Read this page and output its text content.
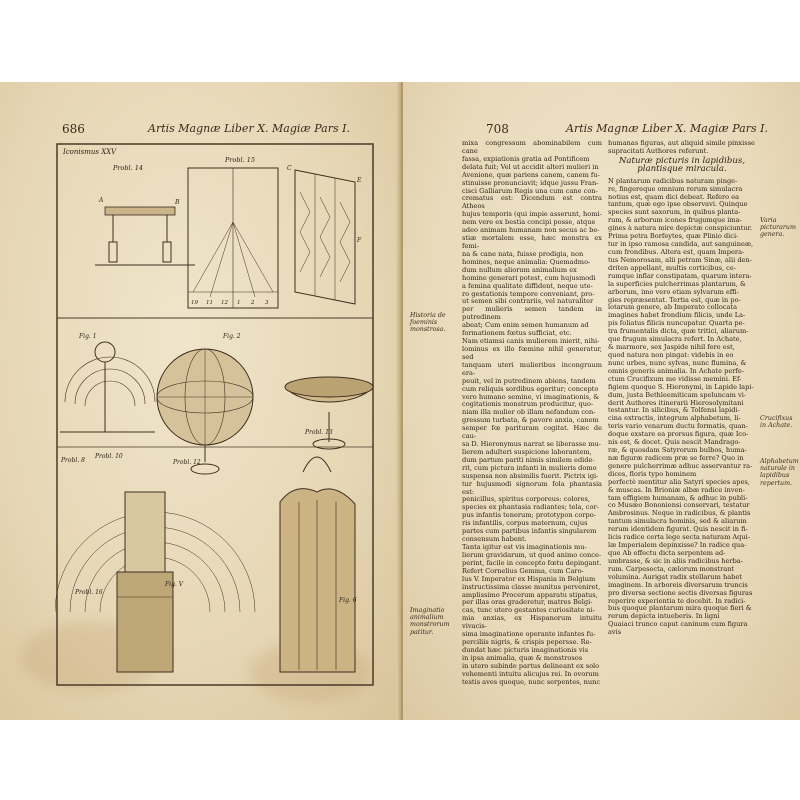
686	Artis Magnæ Liber X. Magiæ Pars I.
Iconismus XXV
Probl. 14
A	B
Probl. 15
19 11 12 1 2 3
C
E
F
Fig. 1
Probl. 8
Fig. 2
Probl. 12
Probl. 13
Probl. 16
Fig. V
Probl. 10
Fig. 6
708	Artis Magnæ Liber X. Magiæ Pars I.
Historia de foeminis monstrosa.
Imaginatio animalium monstrorum patitur.
Varia picturarum genera.
Crucifixus in Achate.
Alphabetum naturale in lapidibus repertum.

mixa congressum abominabilem cum cane

fassa, expiationis gratia ad Pontificem

delata fuit; Vel ut accidit alteri mulieri in

Avenione, quæ pariens canem, canem fu-

stinuisse pronunciavit; idque jussu Fran-

cisci Galliarum Regis una cum cane con-

crematus est: Dicendum est contra Atheos

hujus temporis (qui impie asserunt, homi-

nem vere ex bestia concipi posse, atque

adeo animam humanam non secus ac be-

stiæ mortalem esse, hæc monstra ex femi-

na & cane nata, fuisse prodigia, non

homines, neque animalia: Quemadmo-

dum nullum aliorum animalium ex

homine generari potest, cum hujusmodi

a femina qualitate diffident, neque ute-

ro gestationis tempore conveniant, pro-

ut semen sibi contrariis, vel naturaliter

per mulieris semen tandem in putredinem

abeat; Cum enim semen humanum ad

formationem fœtus sufficiat, etc.

Nam etiamsi canis mulierem inierit, nihi-

lominus ex illo fœmine nihil generatur, sed

tanquam uteri mulieribus incongruum era-

peuit, vel in putredinem abiens, tandem

cum reliquis sordibus egeritur; concepto

vero humano semine, vi imaginationis, &

cogitationis monstrum producitur, quo-

niam illa mulier ob illam nefandum con-

gressum turbata, & pavore anxia, canem

semper fœ parituram cogitat. Hæc de cau-

sa D. Hieronymus narrat se liberasse mu-

lierem adulteri suspicione laborantem,

dum partum pariti nimis similem edide-

rit, cum pictura infanti in mulieris domo

suspensa non absimilis fuerit. Pictrix igi-

tur hujusmodi signorum fola phantasia est:

penicillus, spiritus corporeus: colores,

species ex phantasia radiantes; tela, cor-

pus infantis tenerum; prototypon corpo-

ris infantilis, corpus maternum, cujus

partes cum partibus infantis singularem

consensum habent.

Tanta igitur est vis imaginationis mu-

lierum gravidarum, ut quod animo conce-

perint, facile in concepto fœtu depingant.

Refert Cornelius Gemma, cum Caro-

lus V. Imperator ex Hispania in Belgium

instructissima classe munitus perveniret,

amplissimo Procerum apparatu stipatus,

per illas oras graderetur, matres Belgi-

cas, tunc utero gestantes curiositate ni-

mia anxias, ex Hispanorum intuitu vivacis-

sima imaginatione operante infantes fu-

perciliis nigris, & crispis pepersse. Re-

dundat hæc picturis imaginationis vis

in ipsa animalia, quæ & monstrosos

in utero subinde partus delineant ex solo

vehementi intuitu alicujus rei. In ovorum

testis aves quoque, nunc serpentes, nunc

humanas figuras, aut aliquid simile pinxisse

supracitati Authores referunt.

Naturæ picturis in lapidibus, plantisque miracula.

N plantarum radicibus naturam pinge-

re, fingereque omnium rerum simulacra

notius est, quam dici debeat. Refero ea

tantum, quæ ego ipse observavi. Quinque

species sunt saxorum, in quibus planta-

rum, & arborum icones frugumque ima-

gines à natura mire depictæ conspiciuntur.

Prima petra Borfeytes, quæ Plinio dici-

tur in ipso ramosa candida, aut sanguineæ,

cum frondibus. Altera est, quam Impera-

tus Nemorosam, alii petram Sinæ, alii den-

driten appellant, multis corticibus, ce-

rumque inflar constipatam, quarum intera-

la superficies pulcherrimas plantarum, &

arborum, imo vero etiam sylvarum effi-

gies repræsentat. Tertia est, quæ in po-

lotarum genere, ab Imperato collocata

imagines habet frondium filicis, unde La-

pis foliatus filicis nuncupatur. Quarta pe-

tra frumentalis dicta, quæ tritici, aliarum-

que frugum simulacra refert. In Achate,

& marmore, sex Jaspide nihil fere est,

quod natura non pingat: videbis in eo

nunc urbes, nunc sylvas, nunc flumina, &

omnis generis animalia. In Achate perfe-

ctum Crucifixum me vidisse memini. Ef-

figiem quoque S. Hieronymi, in Lapide lapi-

dum, justa Bethleemiticam speluncam vi-

derit Authores itinerarii Hierosolymitani

testantur. In silicibus, & Tolfensi lapidi-

cina extractis, integrum alphabetum, li-

teris vario venarum ductu formatis, quan-

doque exstare ea prorsus figura, quæ Ico-

nis est, & docet. Quis nescit Mandrago-

ræ, & quosdam Satyrorum bulbos, huma-

næ figuræ radicem præ se ferre? Quo in

genere pulcherrimæ adhuc asservantur ra-

dices, floris typo hominem

perfectè mentitur alia Satyri species apes,

& muscas. In Brioniæ albæ radice inven-

tam effigiem humanam, & adhuc in publi-

co Musæo Bononiensi conservari, testatur

Ambrosinus. Neque in radicibus, & plantis

tantum simulacra hominis, sed & aliarum

rerum identidem figurat. Quis nescit in fi-

licis radice certa lege secta naturam Aqui-

læ Imperialem depinxisse? In radice qua-

que Ab effectu dicta serpentem ad-

umbrasse, & sic in aliis radicibus herba-

rum. Carpesecta, cælorum monstrant

volumina. Aurigat radix stellarum habet

imaginem. In arboreis diversarum truncis

pro diversa sectione sectis diversas figuras

reperire experientia te docebit. In radici-

bus quoque plantarum mira quoque fieri &

rerum depicta intueberis. In ligni

Quaiaci trunco caput caninum cum figura

avis
